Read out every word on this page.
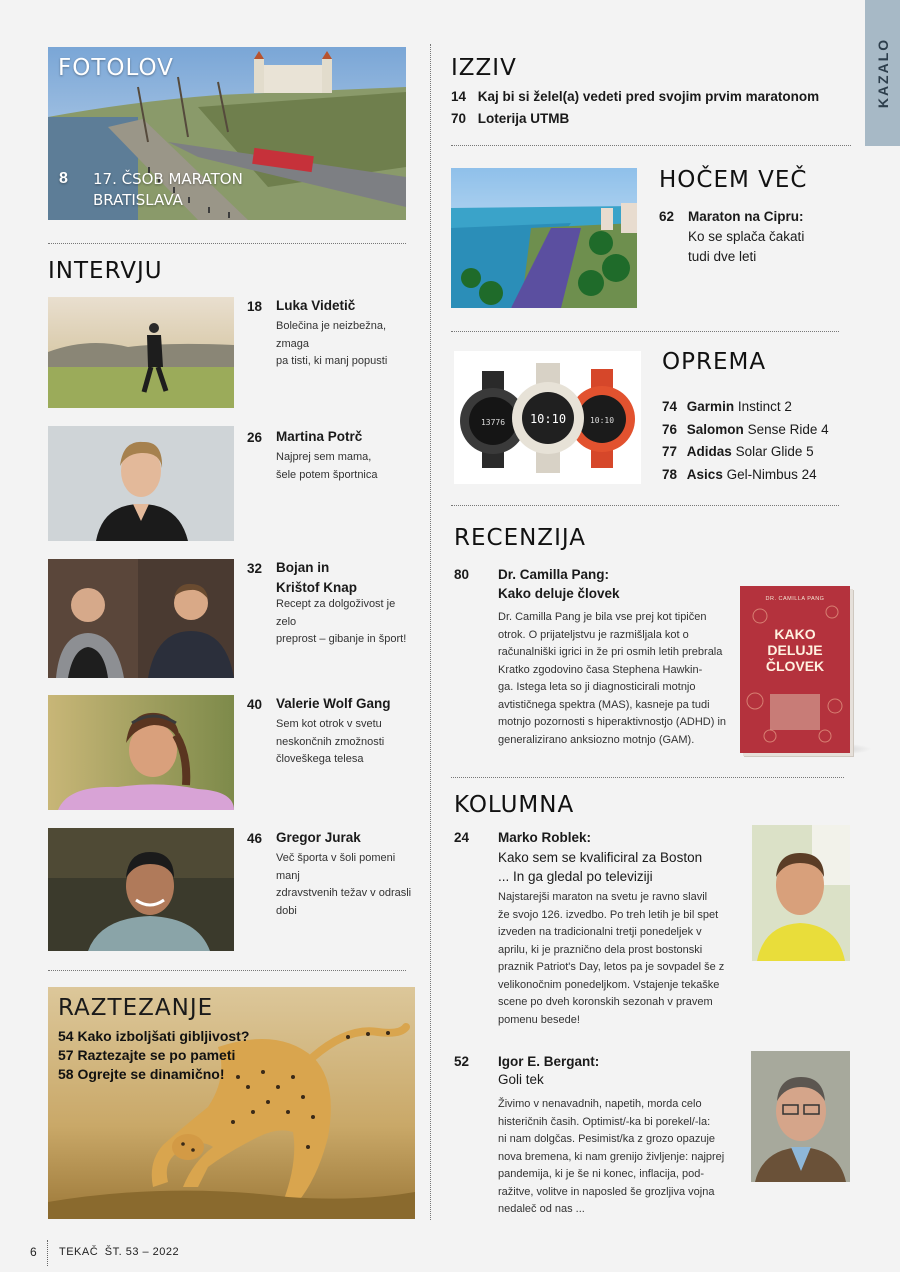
KAZALO
FOTOLOV
8 17. ČSOB MARATON
BRATISLAVA
INTERVJU
18 Luka Videtič
Bolečina je neizbežna, zmaga
pa tisti, ki manj popusti
26 Martina Potrč
Najprej sem mama,
šele potem športnica
32 Bojan in
Krištof Knap
Recept za dolgoživost je zelo
preprost – gibanje in šport!
40 Valerie Wolf Gang
Sem kot otrok v svetu
neskončnih zmožnosti
človeškega telesa
46 Gregor Jurak
Več športa v šoli pomeni manj
zdravstvenih težav v odrasli
dobi
RAZTEZANJE
54 Kako izboljšati gibljivost?
57 Raztezajte se po pameti
58 Ogrejte se dinamično!
IZZIV
14 Kaj bi si želel(a) vedeti pred svojim prvim maratonom
70 Loterija UTMB
HOČEM VEČ
62 Maraton na Cipru:
Ko se splača čakati
tudi dve leti
13776	10:10
10:10
OPREMA
74 Garmin Instinct 2
76 Salomon Sense Ride 4
77 Adidas Solar Glide 5
78 Asics Gel-Nimbus 24
RECENZIJA
80 Dr. Camilla Pang:
Kako deluje človek
Dr. Camilla Pang je bila vse prej kot tipičen
otrok. O prijateljstvu je razmišljala kot o
računalniški igrici in že pri osmih letih prebrala
Kratko zgodovino časa Stephena Hawkin-
ga. Istega leta so ji diagnosticirali motnjo
avtističnega spektra (MAS), kasneje pa tudi
motnjo pozornosti s hiperaktivnostjo (ADHD) in
generalizirano anksiozno motnjo (GAM).
DR. CAMILLA PANG
KAKO
DELUJE
ČLOVEK
KOLUMNA
24 Marko Roblek:
Kako sem se kvalificiral za Boston
... In ga gledal po televiziji
Najstarejši maraton na svetu je ravno slavil
že svojo 126. izvedbo. Po treh letih je bil spet
izveden na tradicionalni tretji ponedeljek v
aprilu, ki je praznično dela prost bostonski
praznik Patriot's Day, letos pa je sovpadel še z
velikonočnim ponedeljkom. Vstajenje tekaške
scene po dveh koronskih sezonah v pravem
pomenu besede!
52 Igor E. Bergant:
Goli tek
Živimo v nenavadnih, napetih, morda celo
histeričnih časih. Optimist/-ka bi porekel/-la:
ni nam dolgčas. Pesimist/ka z grozo opazuje
nova bremena, ki nam grenijo življenje: najprej
pandemija, ki je še ni konec, inflacija, pod-
ražitve, volitve in naposled še grozljiva vojna
nedaleč od nas ...
6 TEKAČ ŠT. 53 – 2022
